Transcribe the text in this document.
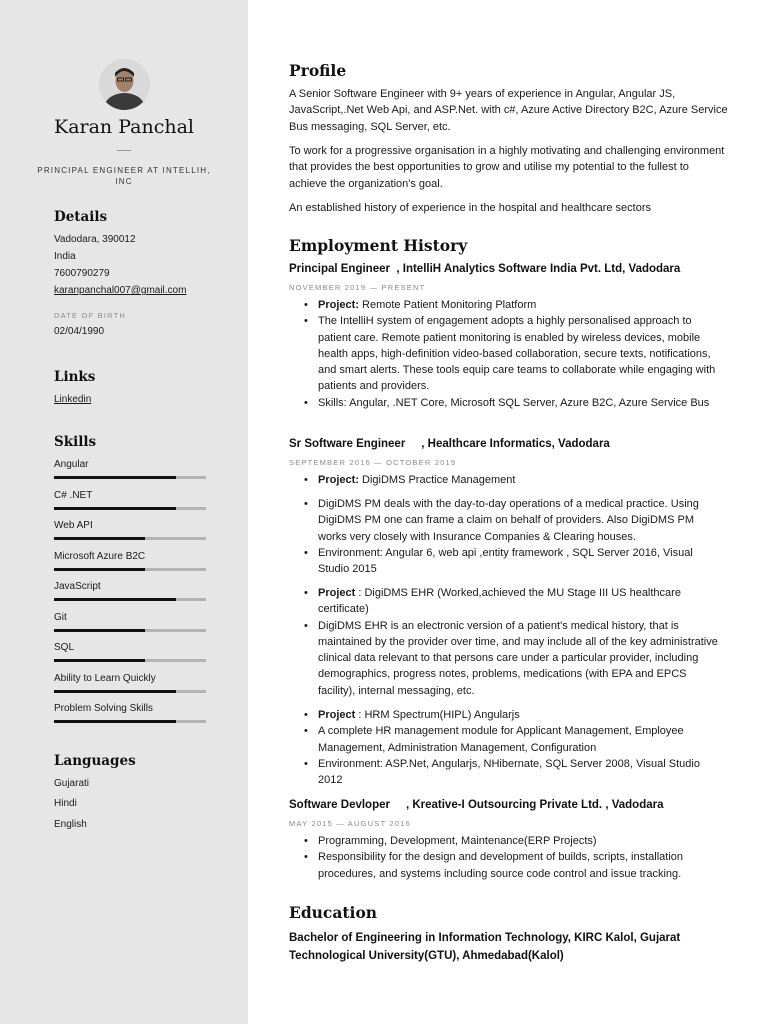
Karan Panchal
PRINCIPAL ENGINEER AT INTELLIH, INC
Details
Vadodara, 390012
India
7600790279
karanpanchal007@gmail.com
DATE OF BIRTH
02/04/1990
Links
Linkedin
Skills
Angular
C# .NET
Web API
Microsoft Azure B2C
JavaScript
Git
SQL
Ability to Learn Quickly
Problem Solving Skills
Languages
Gujarati
Hindi
English
Profile
A Senior Software Engineer with 9+ years of experience in Angular, Angular JS, JavaScript,.Net Web Api, and ASP.Net. with c#, Azure Active Directory B2C, Azure Service Bus messaging, SQL Server, etc.
To work for a progressive organisation in a highly motivating and challenging environment that provides the best opportunities to grow and utilise my potential to the fullest to achieve the organization's goal.
An established history of experience in the hospital and healthcare sectors
Employment History
Principal Engineer  , IntelliH Analytics Software India Pvt. Ltd, Vadodara
NOVEMBER 2019 — PRESENT
• Project: Remote Patient Monitoring Platform
• The IntelliH system of engagement adopts a highly personalised approach to patient care. Remote patient monitoring is enabled by wireless devices, mobile health apps, high-definition video-based collaboration, secure texts, notifications, and smart alerts. These tools equip care teams to collaborate while engaging with patients and providers.
• Skills: Angular, .NET Core, Microsoft SQL Server, Azure B2C, Azure Service Bus
Sr Software Engineer     , Healthcare Informatics, Vadodara
SEPTEMBER 2016 — OCTOBER 2019
• Project: DigiDMS Practice Management
• DigiDMS PM deals with the day-to-day operations of a medical practice. Using DigiDMS PM one can frame a claim on behalf of providers. Also DigiDMS PM works very closely with Insurance Companies & Clearing houses.
• Environment: Angular 6, web api ,entity framework , SQL Server 2016, Visual Studio 2015
• Project : DigiDMS EHR (Worked,achieved the MU Stage III US healthcare certificate)
• DigiDMS EHR is an electronic version of a patient's medical history, that is maintained by the provider over time, and may include all of the key administrative clinical data relevant to that persons care under a particular provider, including demographics, progress notes, problems, medications (with EPA and EPCS facility), internal messaging, etc.
• Project : HRM Spectrum(HIPL) Angularjs
• A complete HR management module for Applicant Management, Employee Management, Administration Management, Configuration
• Environment: ASP.Net, Angularjs, NHibernate, SQL Server 2008, Visual Studio 2012
Software Devloper     , Kreative-I Outsourcing Private Ltd. , Vadodara
MAY 2015 — AUGUST 2016
• Programming, Development, Maintenance(ERP Projects)
• Responsibility for the design and development of builds, scripts, installation procedures, and systems including source code control and issue tracking.
Education
Bachelor of Engineering in Information Technology, KIRC Kalol, Gujarat Technological University(GTU), Ahmedabad(Kalol)
